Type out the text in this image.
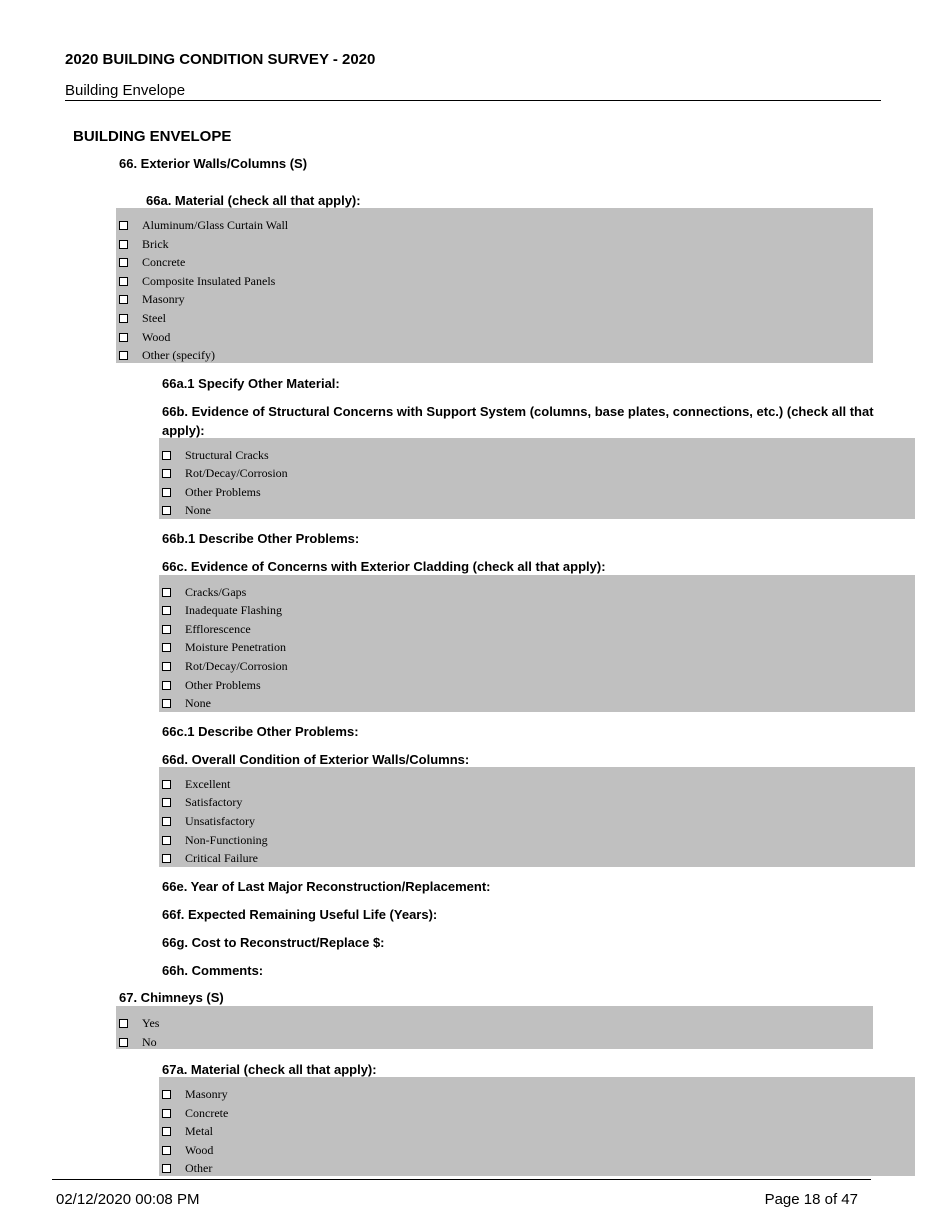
2020 BUILDING CONDITION SURVEY - 2020
Building Envelope
BUILDING ENVELOPE
66. Exterior Walls/Columns (S)
66a. Material (check all that apply):
Aluminum/Glass Curtain Wall
Brick
Concrete
Composite Insulated Panels
Masonry
Steel
Wood
Other (specify)
66a.1 Specify Other Material:
66b. Evidence of Structural Concerns with Support System (columns, base plates, connections, etc.) (check all that apply):
Structural Cracks
Rot/Decay/Corrosion
Other Problems
None
66b.1 Describe Other Problems:
66c. Evidence of Concerns with Exterior Cladding (check all that apply):
Cracks/Gaps
Inadequate Flashing
Efflorescence
Moisture Penetration
Rot/Decay/Corrosion
Other Problems
None
66c.1 Describe Other Problems:
66d. Overall Condition of Exterior Walls/Columns:
Excellent
Satisfactory
Unsatisfactory
Non-Functioning
Critical Failure
66e. Year of Last Major Reconstruction/Replacement:
66f. Expected Remaining Useful Life (Years):
66g. Cost to Reconstruct/Replace $:
66h. Comments:
67. Chimneys (S)
Yes
No
67a. Material (check all that apply):
Masonry
Concrete
Metal
Wood
Other
02/12/2020 00:08 PM	Page 18 of 47
